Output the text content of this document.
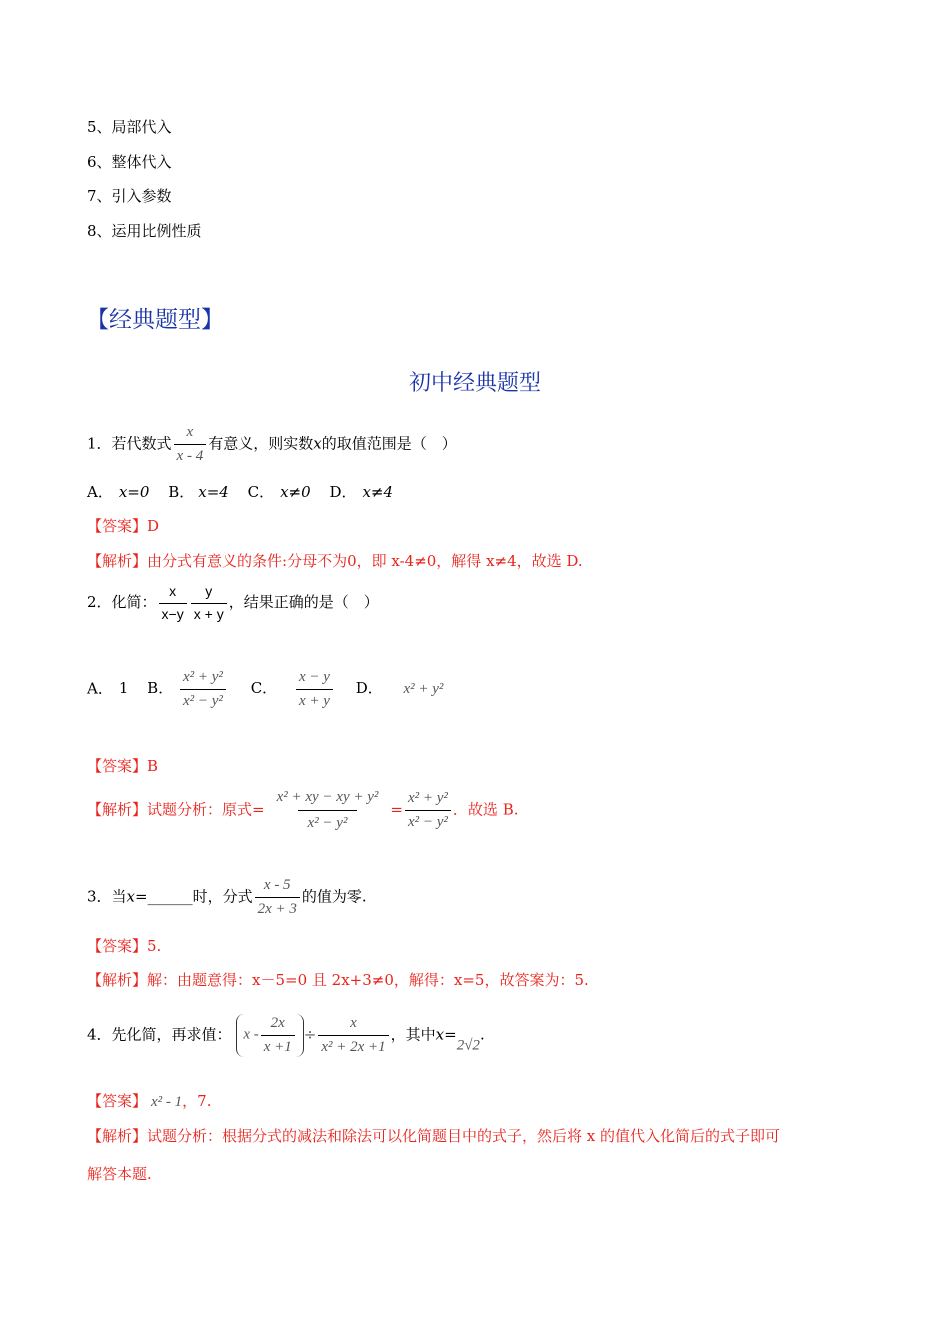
5、局部代入
6、整体代入
7、引入参数
8、运用比例性质
【经典题型】
初中经典题型
1．若代数式 $\frac{x}{x - 4}$ 有意义，则实数x的取值范围是（　）
A． x=0 B． x=4 C． x≠0 D． x≠4
【答案】D
【解析】由分式有意义的条件:分母不为0，即 x-4≠0，解得 x≠4，故选 D.
2．化简： $\frac{x}{x-y} \frac{y}{x + y}$ ，结果正确的是（　）
A． 1 B． $\frac{\text{x² + y²}}{\text{x² − y²}}$ C． $\frac{x - y}{x + y}$ D． x² + y²
【答案】B
【解析】试题分析：原式= $\frac{\text{x² + xy − xy + y²}}{\text{x² − y²}} = \frac{\text{x² + y²}}{\text{x² − y²}}$ ．故选 B.
3．当x=______时，分式 $\frac{x - 5}{2x + 3}$ 的值为零.
【答案】5.
【解析】解：由题意得：x－5=0 且 2x+3≠0，解得：x=5，故答案为：5.
4．先化简，再求值： $x - \frac{2x}{x +1} \div \frac{x}{\text{x² + 2x +1}}$ ，其中x=2√2.
【答案】 x² - 1，7.
【解析】试题分析：根据分式的减法和除法可以化简题目中的式子，然后将 x 的值代入化简后的式子即可
解答本题.
